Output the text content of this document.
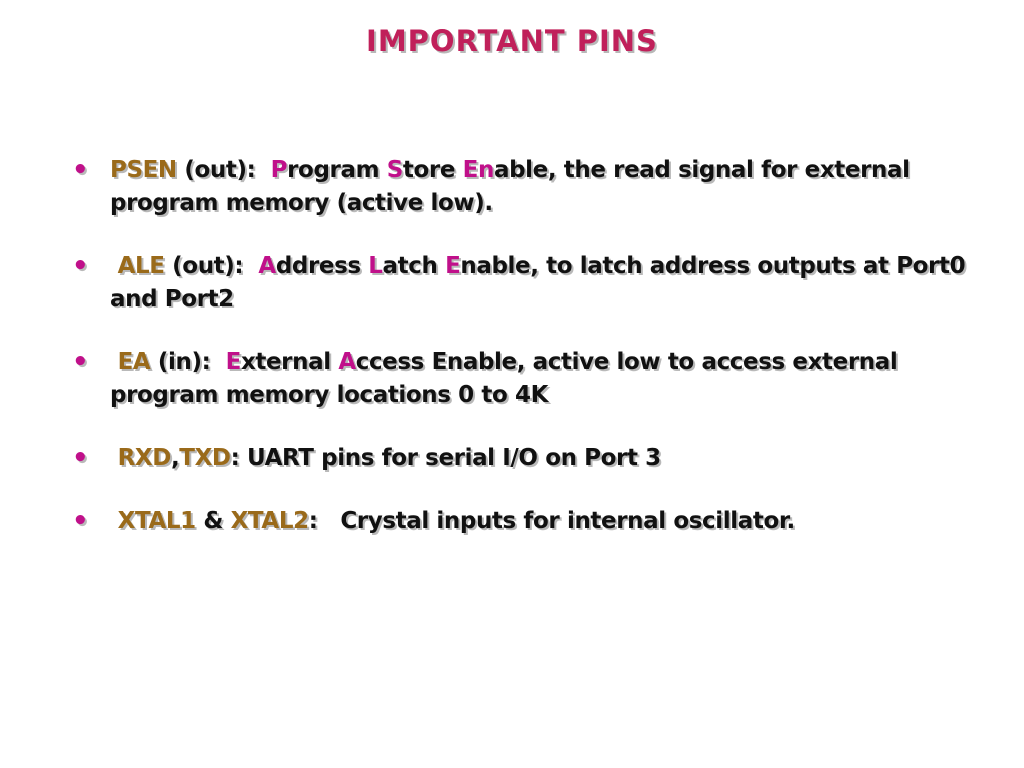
IMPORTANT PINS
• PSEN (out):  Program Store Enable, the read signal for external program memory (active low).
• ALE (out):  Address Latch Enable, to latch address outputs at Port0 and Port2
• EA (in):  External Access Enable, active low to access external program memory locations 0 to 4K
• RXD,TXD: UART pins for serial I/O on Port 3
• XTAL1 & XTAL2:   Crystal inputs for internal oscillator.
